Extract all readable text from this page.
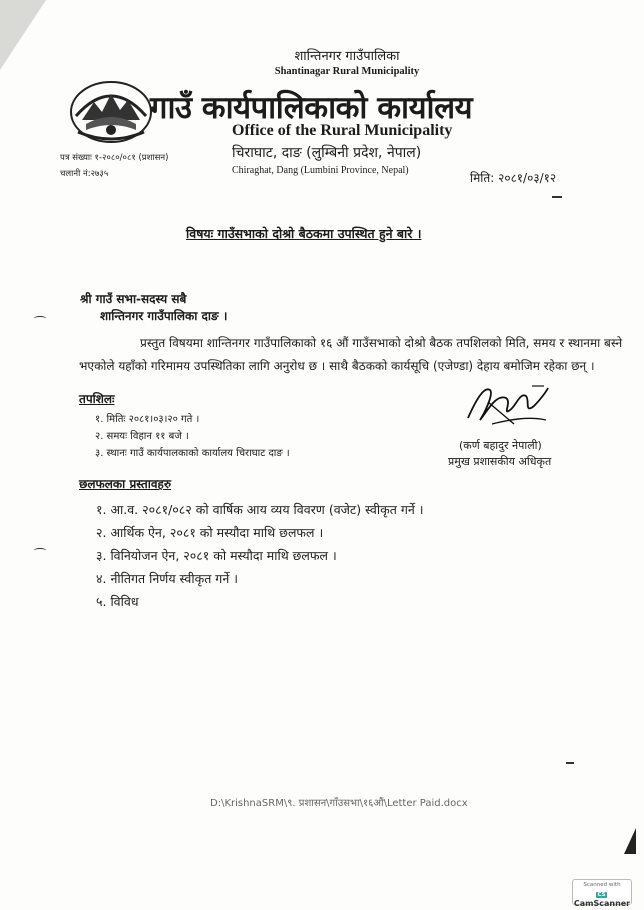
शान्तिनगर गाउँपालिका
Shantinagar Rural Municipality
गाउँ कार्यपालिकाको कार्यालय
Office of the Rural Municipality
चिराघाट, दाङ (लुम्बिनी प्रदेश, नेपाल)
Chiraghat, Dang (Lumbini Province, Nepal)
पत्र संख्याः १-२०८०/०८१ (प्रशासन)
चलानी नं:२७३५	मिति: २०८१/०३/१२
विषयः गाउँसभाको दोश्रो बैठकमा उपस्थित हुने बारे ।
श्री गाउँ सभा-सदस्य सबै
शान्तिनगर गाउँपालिका दाङ ।
प्रस्तुत विषयमा शान्तिनगर गाउँपालिकाको १६ औं गाउँसभाको दोश्रो बैठक तपशिलको मिति, समय र स्थानमा बस्ने
भएकोले यहाँको गरिमामय उपस्थितिका लागि अनुरोध छ । साथै बैठकको कार्यसूचि (एजेण्डा) देहाय बमोजिम रहेका छन् ।
तपशिलः
१. मितिः २०८१।०३।२० गते ।
२. समयः विहान ११ बजे ।
३. स्थानः गाउँ कार्यपालकाको कार्यालय चिराघाट दाङ ।
(कर्ण बहादुर नेपाली)
प्रमुख प्रशासकीय अधिकृत
छलफलका प्रस्तावहरु
१. आ.व. २०८१/०८२ को वार्षिक आय व्यय विवरण (वजेट) स्वीकृत गर्ने ।
२. आर्थिक ऐन, २०८१ को मस्यौदा माथि छलफल ।
३. विनियोजन ऐन, २०८१ को मस्यौदा माथि छलफल ।
४. नीतिगत निर्णय स्वीकृत गर्ने ।
५. विविध
D:\KrishnaSRM\९. प्रशासन\गाँउसभा\१६औं\Letter Paid.docx
Scanned with
CSCamScanner
